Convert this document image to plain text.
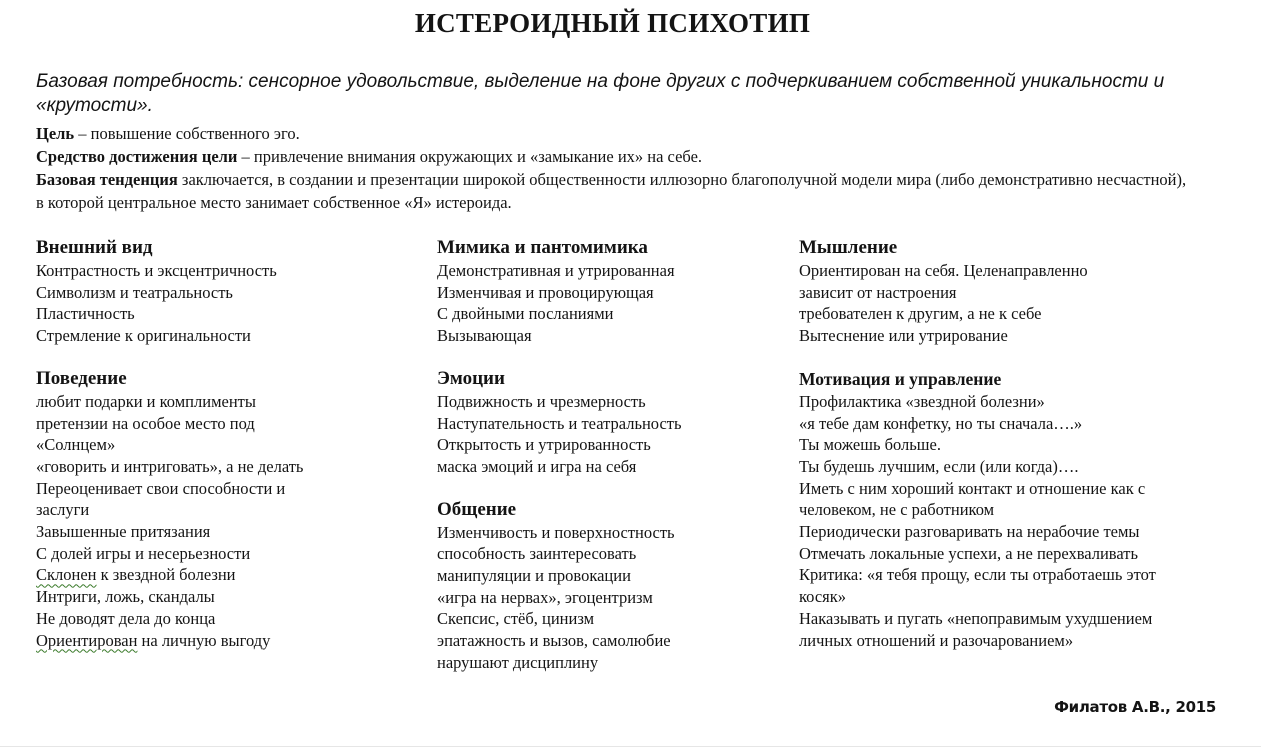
ИСТЕРОИДНЫЙ ПСИХОТИП
Базовая потребность: сенсорное удовольствие, выделение на фоне других с подчеркиванием собственной уникальности и «крутости».

Цель – повышение собственного эго.

Средство достижения цели – привлечение внимания окружающих и «замыкание их» на себе.

Базовая тенденция заключается, в создании и презентации широкой общественности иллюзорно благополучной модели мира (либо демонстративно несчастной), в которой центральное место занимает собственное «Я» истероида.

Внешний вид
Контрастность и эксцентричность
Символизм и театральность
Пластичность
Стремление к оригинальности
Поведение
любит подарки и комплименты
претензии на особое место под
«Солнцем»
«говорить и интриговать», а не делать
Переоценивает свои способности и
заслуги
Завышенные притязания
С долей игры и несерьезности
Склонен к звездной болезни
Интриги, ложь, скандалы
Не доводят дела до конца
Ориентирован на личную выгоду
Мимика и пантомимика
Демонстративная и утрированная
Изменчивая и провоцирующая
С двойными посланиями
Вызывающая
Эмоции
Подвижность и чрезмерность
Наступательность и театральность
Открытость и утрированность
маска эмоций и игра на себя
Общение
Изменчивость и поверхностность
способность заинтересовать
манипуляции и провокации
«игра на нервах», эгоцентризм
Скепсис, стёб, цинизм
эпатажность и вызов, самолюбие
нарушают дисциплину
Мышление
Ориентирован на себя. Целенаправленно
зависит от настроения
требователен к другим, а не к себе
Вытеснение или утрирование
Мотивация и управление
Профилактика «звездной болезни»
«я тебе дам конфетку, но ты сначала….»
Ты можешь больше.
Ты будешь лучшим, если (или когда)….
Иметь с ним хороший контакт и отношение как с
человеком, не с работником
Периодически разговаривать на нерабочие темы
Отмечать локальные успехи, а не перехваливать
Критика: «я тебя прощу, если ты отработаешь этот
косяк»
Наказывать и пугать «непоправимым ухудшением
личных отношений и разочарованием»
Филатов А.В., 2015
